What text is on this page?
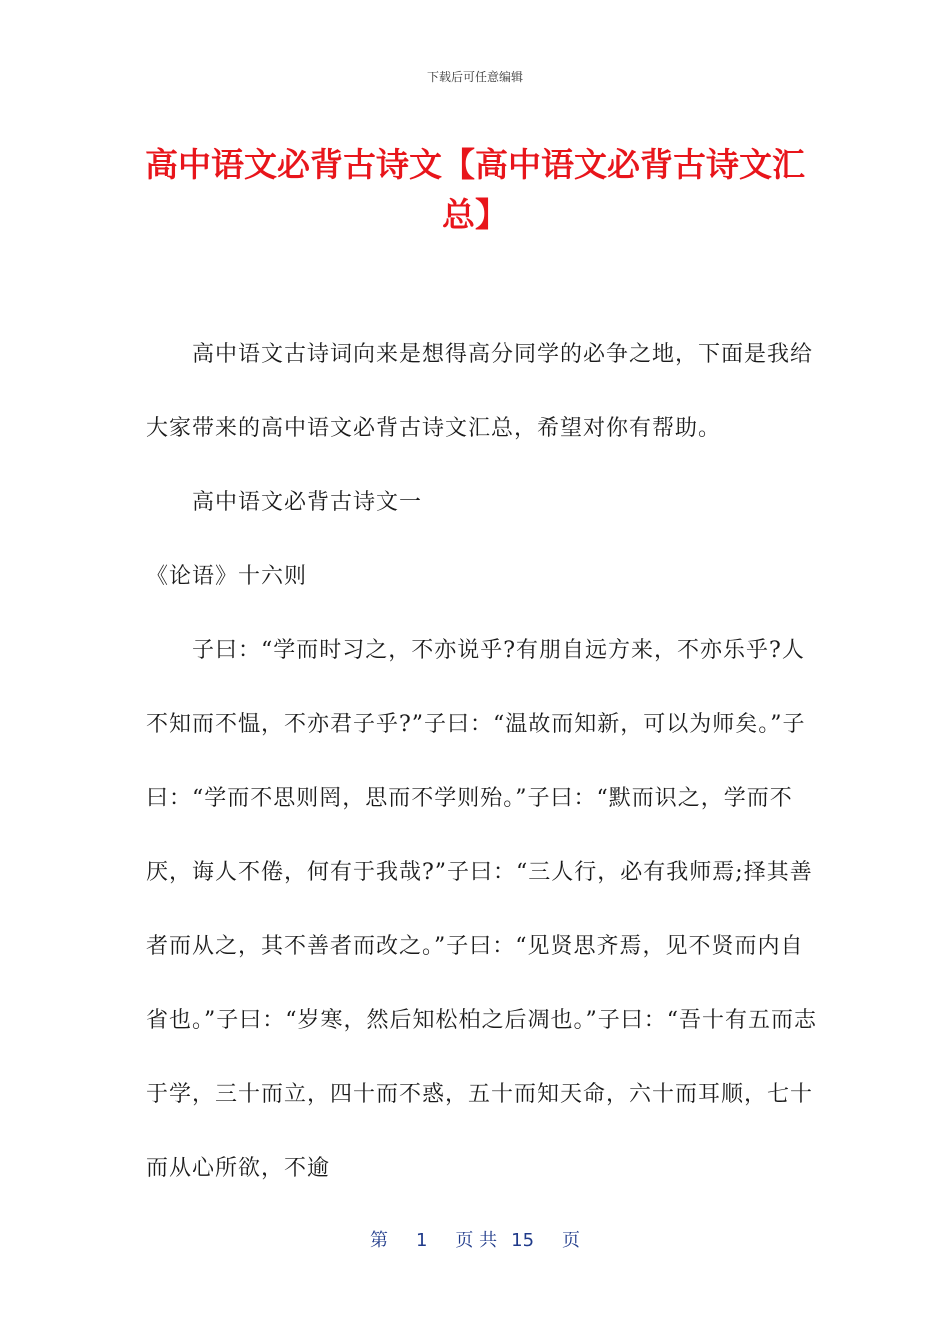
下载后可任意编辑
高中语文必背古诗文【高中语文必背古诗文汇总】

高中语文古诗词向来是想得高分同学的必争之地，下面是我给大家带来的高中语文必背古诗文汇总，希望对你有帮助。

高中语文必背古诗文一

《论语》十六则

子曰：“学而时习之，不亦说乎?有朋自远方来，不亦乐乎?人不知而不愠，不亦君子乎?”子曰：“温故而知新，可以为师矣。”子曰：“学而不思则罔，思而不学则殆。”子曰：“默而识之，学而不厌，诲人不倦，何有于我哉?”子曰：“三人行，必有我师焉;择其善者而从之，其不善者而改之。”子曰：“见贤思齐焉，见不贤而内自省也。”子曰：“岁寒，然后知松柏之后凋也。”子曰：“吾十有五而志于学，三十而立，四十而不惑，五十而知天命，六十而耳顺，七十而从心所欲，不逾

第 1 页 共 15 页
